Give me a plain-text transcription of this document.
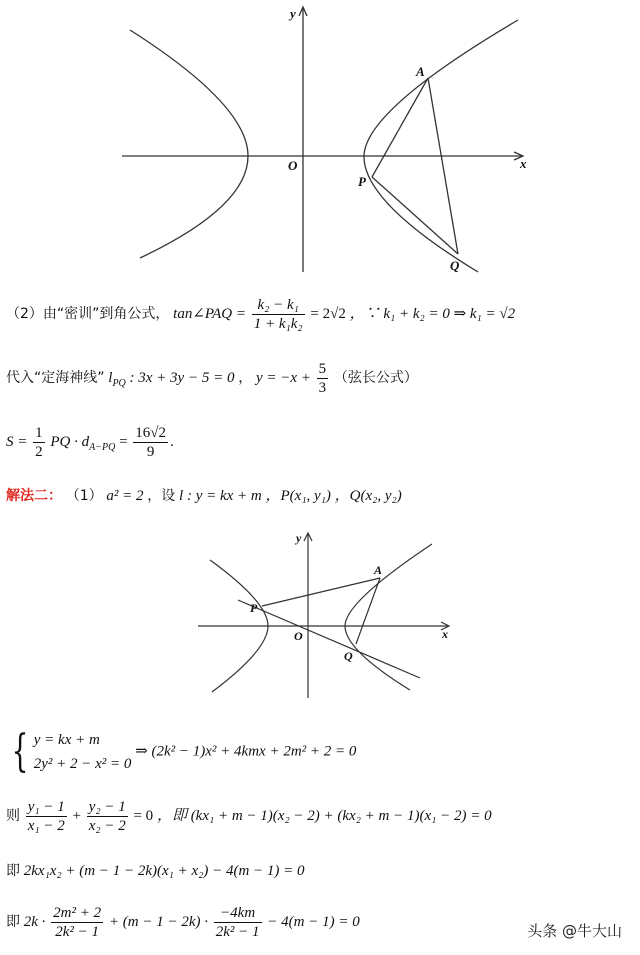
x
y
O
A
P
Q
（2）由“密训”到角公式， tan∠PAQ = $\frac{\text{k₂ − k₁}}{\text{1 + k₁k₂}} = 2√2$ ，∵ k₁ + k₂ = 0 ⇒ k₁ = √2
代入“定海神线” $l_{PQ}$ : 3x + 3y − 5 = 0 ， $y = -x + \frac{5}{3}$ （弦长公式）
$S = \frac{1}{2}$ PQ · $d_{A-PQ} = \frac{16√2}{9}$ .
解法二： （1） a² = 2 ，设 l : y = kx + m ，P(x₁, y₁) ，Q(x₂, y₂)
x
y
O
A
P
Q
{ y = kx + m
2y² + 2 − x² = 0
⇒ (2k² − 1)x² + 4kmx + 2m² + 2 = 0
则 $\frac{\text{y₁ − 1}}{\text{x₁ − 2}} + \frac{\text{y₂ − 1}}{\text{x₂ − 2}} = 0$ ，即 (kx₁ + m − 1)(x₂ − 2) + (kx₂ + m − 1)(x₁ − 2) = 0
即 2kx₁x₂ + (m − 1 − 2k)(x₁ + x₂) − 4(m − 1) = 0
即 $2k \cdot \frac{\text{2m² + 2}}{\text{2k² − 1}} + (m - 1 - 2k) \cdot \frac{-4km}{\text{2k² − 1}} - 4(m - 1) = 0$
头条 @牛大山
